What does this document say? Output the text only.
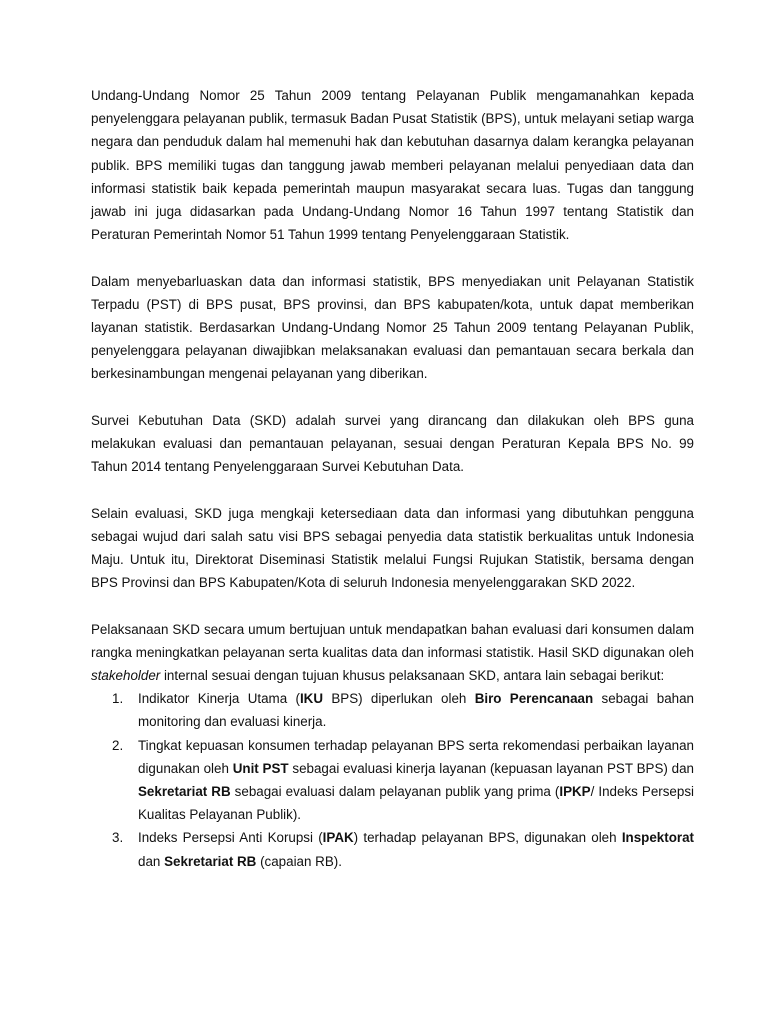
Undang-Undang Nomor 25 Tahun 2009 tentang Pelayanan Publik mengamanahkan kepada penyelenggara pelayanan publik, termasuk Badan Pusat Statistik (BPS), untuk melayani setiap warga negara dan penduduk dalam hal memenuhi hak dan kebutuhan dasarnya dalam kerangka pelayanan publik. BPS memiliki tugas dan tanggung jawab memberi pelayanan melalui penyediaan data dan informasi statistik baik kepada pemerintah maupun masyarakat secara luas. Tugas dan tanggung jawab ini juga didasarkan pada Undang-Undang Nomor 16 Tahun 1997 tentang Statistik dan Peraturan Pemerintah Nomor 51 Tahun 1999 tentang Penyelenggaraan Statistik.

Dalam menyebarluaskan data dan informasi statistik, BPS menyediakan unit Pelayanan Statistik Terpadu (PST) di BPS pusat, BPS provinsi, dan BPS kabupaten/kota, untuk dapat memberikan layanan statistik. Berdasarkan Undang-Undang Nomor 25 Tahun 2009 tentang Pelayanan Publik, penyelenggara pelayanan diwajibkan melaksanakan evaluasi dan pemantauan secara berkala dan berkesinambungan mengenai pelayanan yang diberikan.

Survei Kebutuhan Data (SKD) adalah survei yang dirancang dan dilakukan oleh BPS guna melakukan evaluasi dan pemantauan pelayanan, sesuai dengan Peraturan Kepala BPS No. 99 Tahun 2014 tentang Penyelenggaraan Survei Kebutuhan Data.

Selain evaluasi, SKD juga mengkaji ketersediaan data dan informasi yang dibutuhkan pengguna sebagai wujud dari salah satu visi BPS sebagai penyedia data statistik berkualitas untuk Indonesia Maju. Untuk itu, Direktorat Diseminasi Statistik melalui Fungsi Rujukan Statistik, bersama dengan BPS Provinsi dan BPS Kabupaten/Kota di seluruh Indonesia menyelenggarakan SKD 2022.

Pelaksanaan SKD secara umum bertujuan untuk mendapatkan bahan evaluasi dari konsumen dalam rangka meningkatkan pelayanan serta kualitas data dan informasi statistik. Hasil SKD digunakan oleh stakeholder internal sesuai dengan tujuan khusus pelaksanaan SKD, antara lain sebagai berikut:

1. Indikator Kinerja Utama (IKU BPS) diperlukan oleh Biro Perencanaan sebagai bahan monitoring dan evaluasi kinerja.
2. Tingkat kepuasan konsumen terhadap pelayanan BPS serta rekomendasi perbaikan layanan digunakan oleh Unit PST sebagai evaluasi kinerja layanan (kepuasan layanan PST BPS) dan Sekretariat RB sebagai evaluasi dalam pelayanan publik yang prima (IPKP/ Indeks Persepsi Kualitas Pelayanan Publik).
3. Indeks Persepsi Anti Korupsi (IPAK) terhadap pelayanan BPS, digunakan oleh Inspektorat dan Sekretariat RB (capaian RB).
